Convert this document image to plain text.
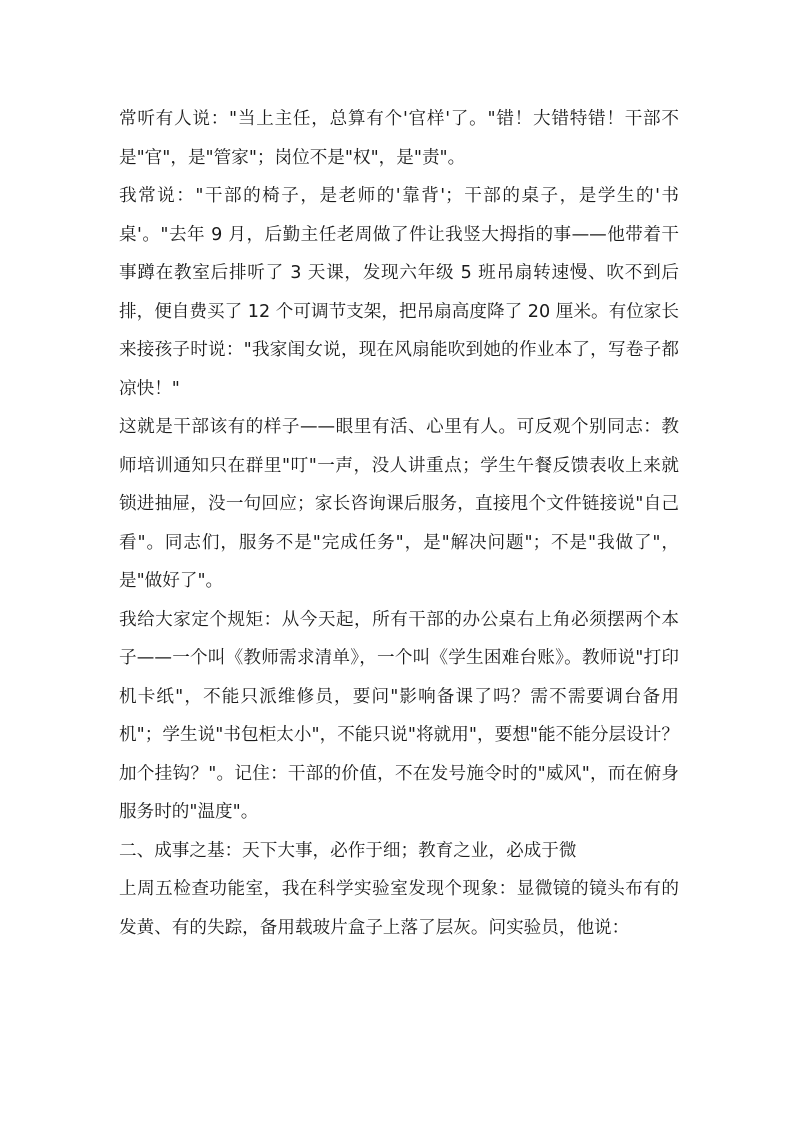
常听有人说："当上主任，总算有个'官样'了。"错！大错特错！干部不是"官"，是"管家"；岗位不是"权"，是"责"。

我常说："干部的椅子，是老师的'靠背'；干部的桌子，是学生的'书桌'。"去年 9 月，后勤主任老周做了件让我竖大拇指的事——他带着干事蹲在教室后排听了 3 天课，发现六年级 5 班吊扇转速慢、吹不到后排，便自费买了 12 个可调节支架，把吊扇高度降了 20 厘米。有位家长来接孩子时说："我家闺女说，现在风扇能吹到她的作业本了，写卷子都凉快！"

这就是干部该有的样子——眼里有活、心里有人。可反观个别同志：教师培训通知只在群里"叮"一声，没人讲重点；学生午餐反馈表收上来就锁进抽屉，没一句回应；家长咨询课后服务，直接甩个文件链接说"自己看"。同志们，服务不是"完成任务"，是"解决问题"；不是"我做了"，是"做好了"。

我给大家定个规矩：从今天起，所有干部的办公桌右上角必须摆两个本子——一个叫《教师需求清单》，一个叫《学生困难台账》。教师说"打印机卡纸"，不能只派维修员，要问"影响备课了吗？需不需要调台备用机"；学生说"书包柜太小"，不能只说"将就用"，要想"能不能分层设计？加个挂钩？"。记住：干部的价值，不在发号施令时的"威风"，而在俯身服务时的"温度"。

二、成事之基：天下大事，必作于细；教育之业，必成于微

上周五检查功能室，我在科学实验室发现个现象：显微镜的镜头布有的发黄、有的失踪，备用载玻片盒子上落了层灰。问实验员，他说：
